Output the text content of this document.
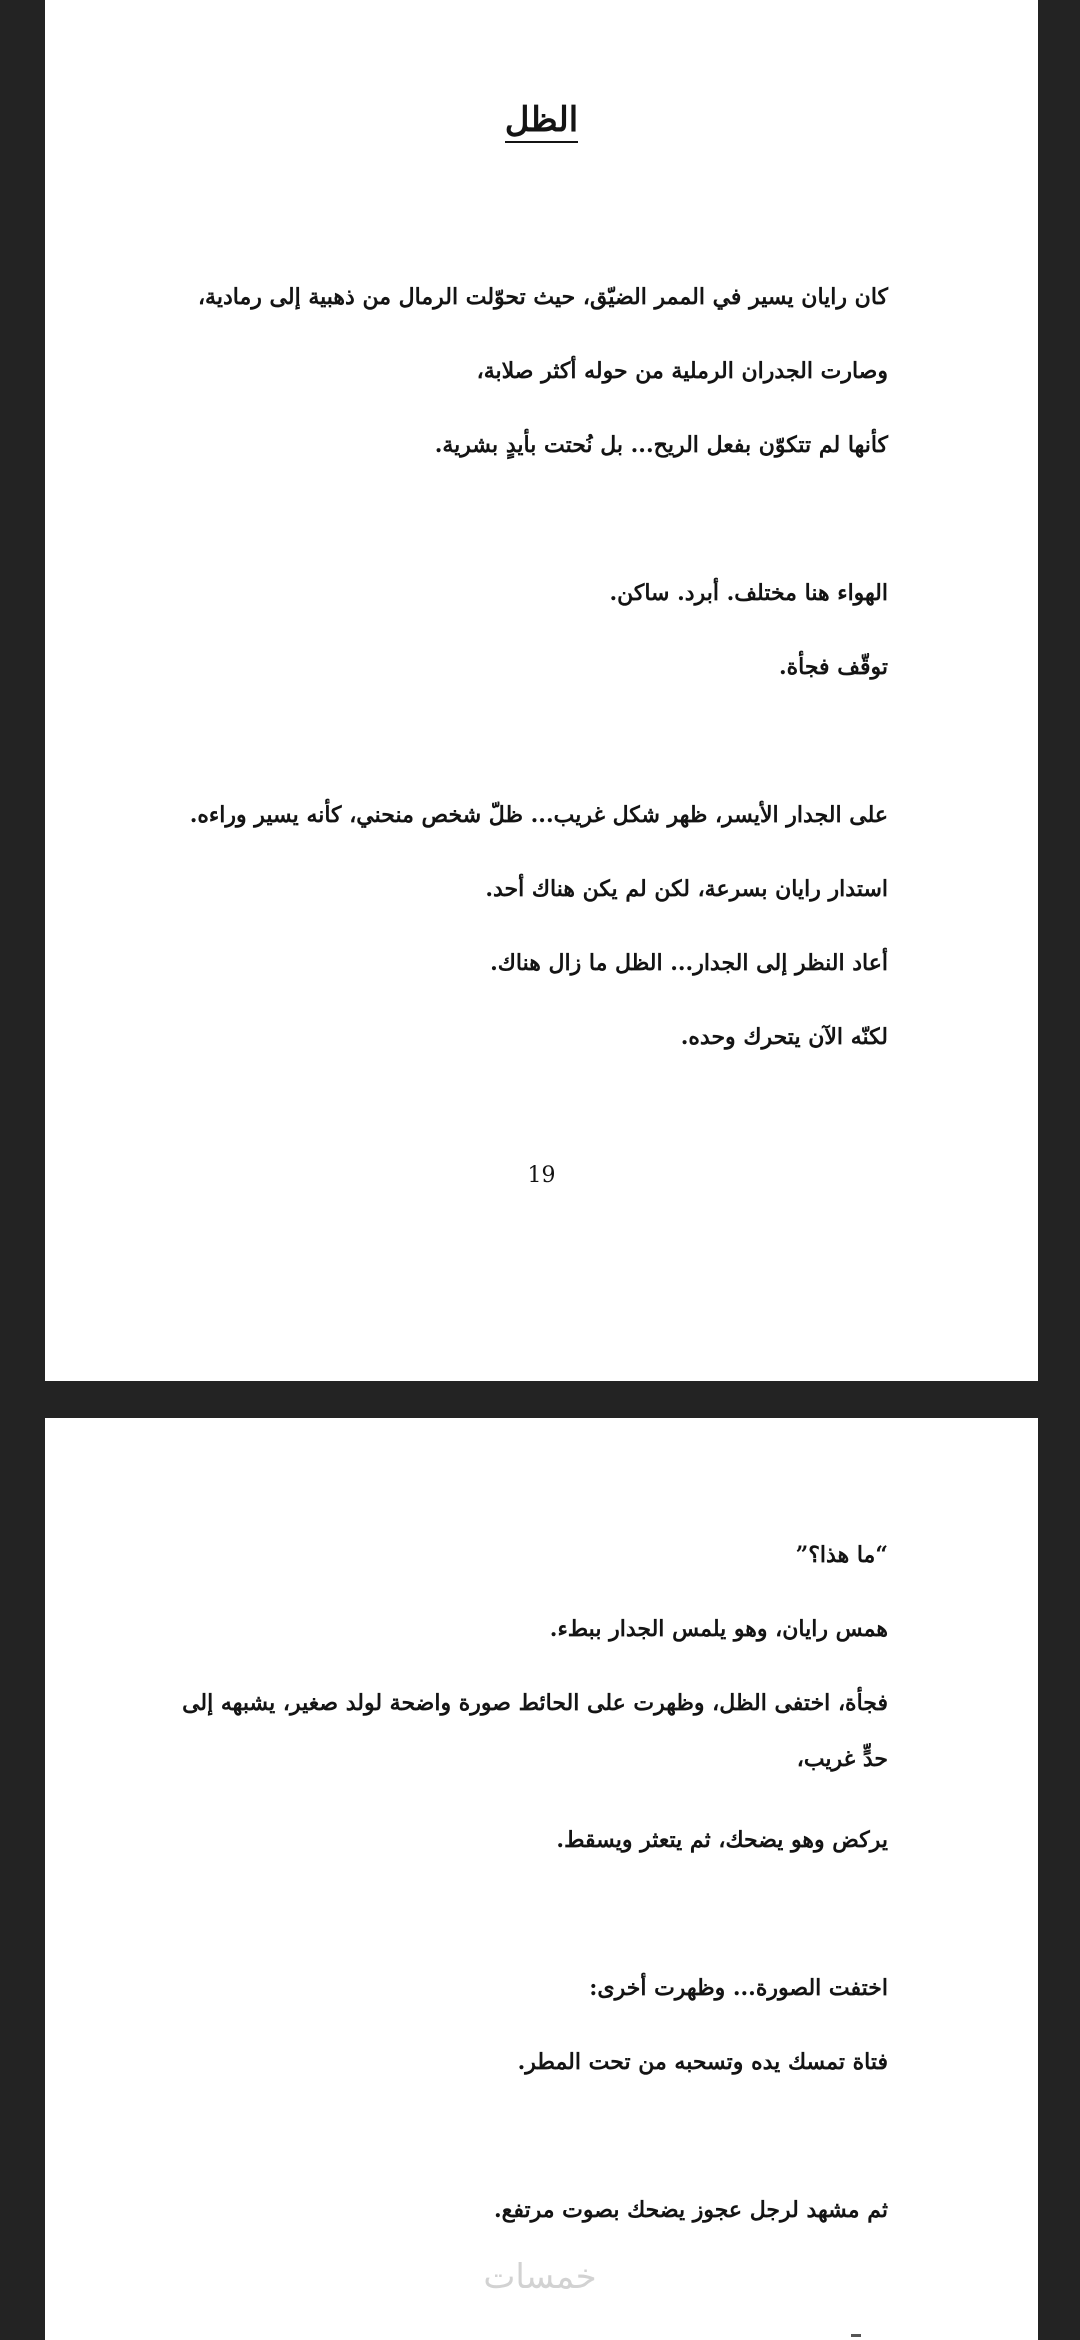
الظل

كان رايان يسير في الممر الضيّق، حيث تحوّلت الرمال من ذهبية إلى رمادية،

وصارت الجدران الرملية من حوله أكثر صلابة،

كأنها لم تتكوّن بفعل الريح... بل نُحتت بأيدٍ بشرية.

الهواء هنا مختلف. أبرد. ساكن.

توقّف فجأة.

على الجدار الأيسر، ظهر شكل غريب... ظلّ شخص منحني، كأنه يسير وراءه.

استدار رايان بسرعة، لكن لم يكن هناك أحد.

أعاد النظر إلى الجدار... الظل ما زال هناك.

لكنّه الآن يتحرك وحده.

19

“ما هذا؟”

همس رايان، وهو يلمس الجدار ببطء.

فجأة، اختفى الظل، وظهرت على الحائط صورة واضحة لولد صغير، يشبهه إلى حدٍّ غريب،

يركض وهو يضحك، ثم يتعثر ويسقط.

اختفت الصورة... وظهرت أخرى:

فتاة تمسك يده وتسحبه من تحت المطر.

ثم مشهد لرجل عجوز يضحك بصوت مرتفع.

خمسات
